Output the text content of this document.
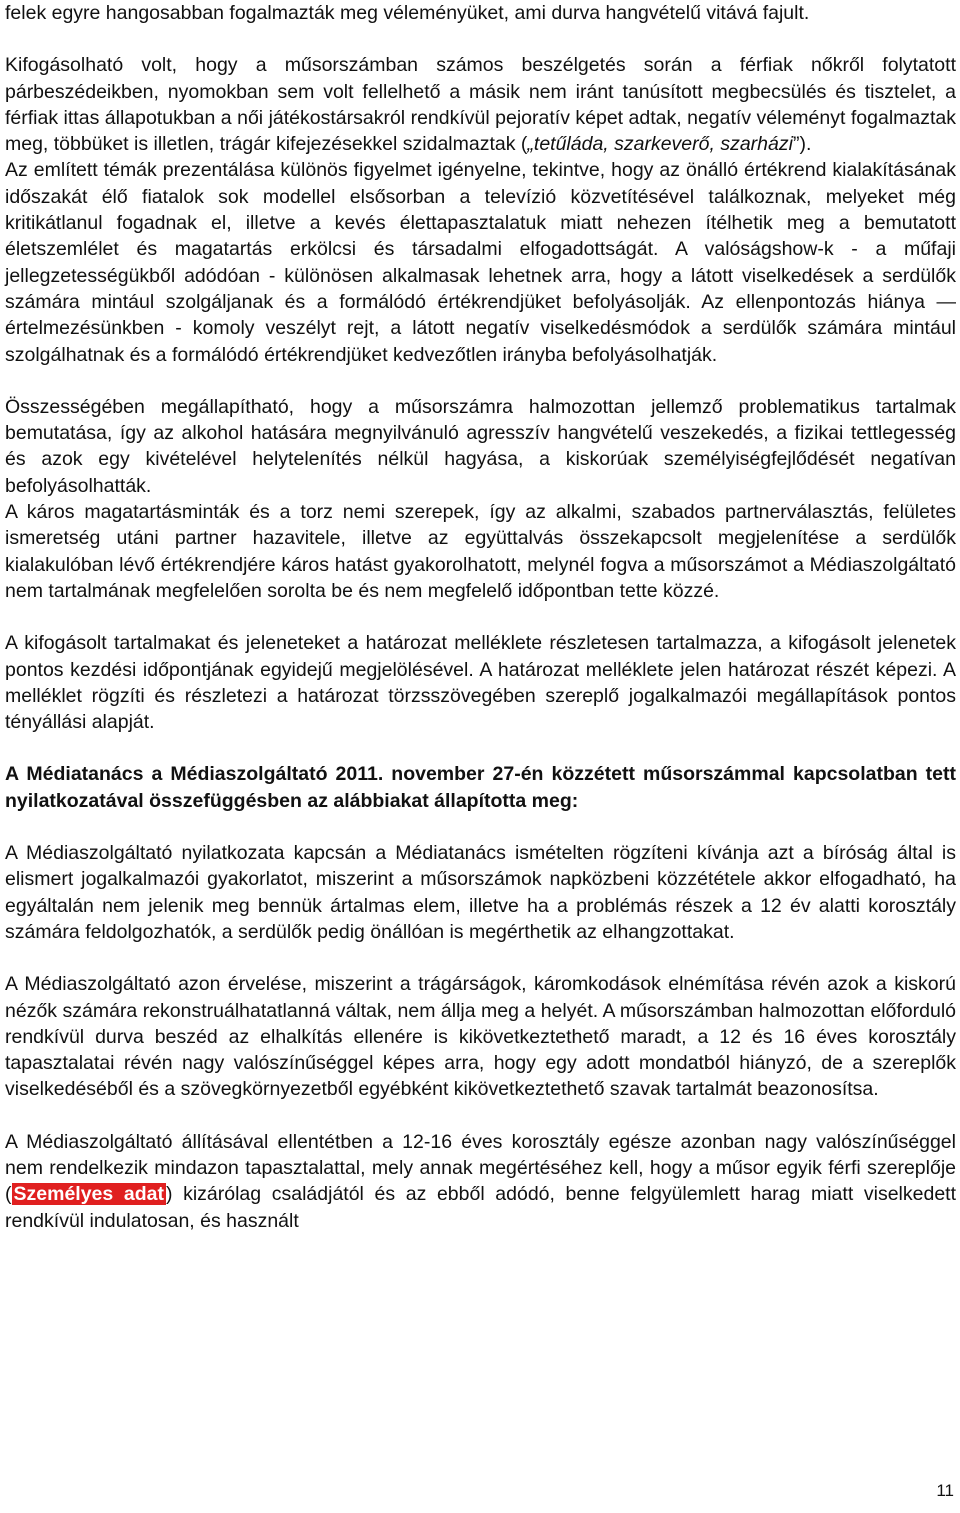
felek egyre hangosabban fogalmazták meg véleményüket, ami durva hangvételű vitává fajult.

Kifogásolható volt, hogy a műsorszámban számos beszélgetés során a férfiak nőkről folytatott párbeszédeikben, nyomokban sem volt fellelhető a másik nem iránt tanúsított megbecsülés és tisztelet, a férfiak ittas állapotukban a női játékostársakról rendkívül pejoratív képet adtak, negatív véleményt fogalmaztak meg, többüket is illetlen, trágár kifejezésekkel szidalmaztak („tetűláda, szarkeverő, szarházi”).

Az említett témák prezentálása különös figyelmet igényelne, tekintve, hogy az önálló értékrend kialakításának időszakát élő fiatalok sok modellel elsősorban a televízió közvetítésével találkoznak, melyeket még kritikátlanul fogadnak el, illetve a kevés élettapasztalatuk miatt nehezen ítélhetik meg a bemutatott életszemlélet és magatartás erkölcsi és társadalmi elfogadottságát. A valóságshow-k - a műfaji jellegzetességükből adódóan - különösen alkalmasak lehetnek arra, hogy a látott viselkedések a serdülők számára mintául szolgáljanak és a formálódó értékrendjüket befolyásolják. Az ellenpontozás hiánya ― értelmezésünkben - komoly veszélyt rejt, a látott negatív viselkedésmódok a serdülők számára mintául szolgálhatnak és a formálódó értékrendjüket kedvezőtlen irányba befolyásolhatják.

Összességében megállapítható, hogy a műsorszámra halmozottan jellemző problematikus tartalmak bemutatása, így az alkohol hatására megnyilvánuló agresszív hangvételű veszekedés, a fizikai tettlegesség és azok egy kivételével helytelenítés nélkül hagyása, a kiskorúak személyiségfejlődését negatívan befolyásolhatták.

A káros magatartásminták és a torz nemi szerepek, így az alkalmi, szabados partnerválasztás, felületes ismeretség utáni partner hazavitele, illetve az együttalvás összekapcsolt megjelenítése a serdülők kialakulóban lévő értékrendjére káros hatást gyakorolhatott, melynél fogva a műsorszámot a Médiaszolgáltató nem tartalmának megfelelően sorolta be és nem megfelelő időpontban tette közzé.

A kifogásolt tartalmakat és jeleneteket a határozat melléklete részletesen tartalmazza, a kifogásolt jelenetek pontos kezdési időpontjának egyidejű megjelölésével. A határozat melléklete jelen határozat részét képezi. A melléklet rögzíti és részletezi a határozat törzsszövegében szereplő jogalkalmazói megállapítások pontos tényállási alapját.

A Médiatanács a Médiaszolgáltató 2011. november 27-én közzétett műsorszámmal kapcsolatban tett nyilatkozatával összefüggésben az alábbiakat állapította meg:

A Médiaszolgáltató nyilatkozata kapcsán a Médiatanács ismételten rögzíteni kívánja azt a bíróság által is elismert jogalkalmazói gyakorlatot, miszerint a műsorszámok napközbeni közzététele akkor elfogadható, ha egyáltalán nem jelenik meg bennük ártalmas elem, illetve ha a problémás részek a 12 év alatti korosztály számára feldolgozhatók, a serdülők pedig önállóan is megérthetik az elhangzottakat.

A Médiaszolgáltató azon érvelése, miszerint a trágárságok, káromkodások elnémítása révén azok a kiskorú nézők számára rekonstruálhatatlanná váltak, nem állja meg a helyét. A műsorszámban halmozottan előforduló rendkívül durva beszéd az elhalkítás ellenére is kikövetkeztethető maradt, a 12 és 16 éves korosztály tapasztalatai révén nagy valószínűséggel képes arra, hogy egy adott mondatból hiányzó, de a szereplők viselkedéséből és a szövegkörnyezetből egyébként kikövetkeztethető szavak tartalmát beazonosítsa.

A Médiaszolgáltató állításával ellentétben a 12-16 éves korosztály egésze azonban nagy valószínűséggel nem rendelkezik mindazon tapasztalattal, mely annak megértéséhez kell, hogy a műsor egyik férfi szereplője ( Személyes adat ) kizárólag családjától és az ebből adódó, benne felgyülemlett harag miatt viselkedett rendkívül indulatosan, és használt

11
